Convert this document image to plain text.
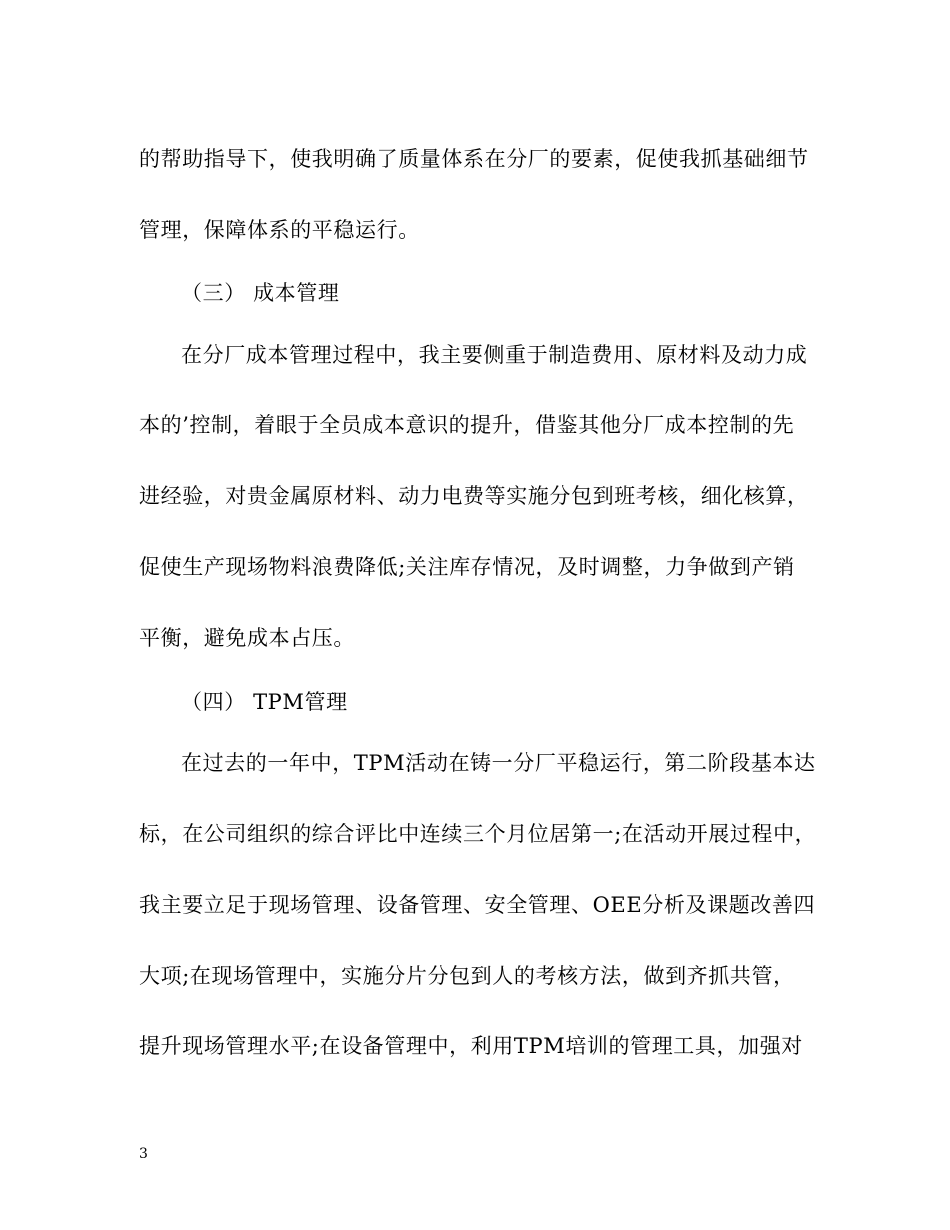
的帮助指导下，使我明确了质量体系在分厂的要素，促使我抓基础细节
管理，保障体系的平稳运行。
（三） 成本管理
在分厂成本管理过程中，我主要侧重于制造费用、原材料及动力成
本的’控制，着眼于全员成本意识的提升，借鉴其他分厂成本控制的先
进经验，对贵金属原材料、动力电费等实施分包到班考核，细化核算，
促使生产现场物料浪费降低;关注库存情况，及时调整，力争做到产销
平衡，避免成本占压。
（四） TPM管理
在过去的一年中，TPM活动在铸一分厂平稳运行，第二阶段基本达
标，在公司组织的综合评比中连续三个月位居第一;在活动开展过程中，
我主要立足于现场管理、设备管理、安全管理、OEE分析及课题改善四
大项;在现场管理中，实施分片分包到人的考核方法，做到齐抓共管，
提升现场管理水平;在设备管理中，利用TPM培训的管理工具，加强对
3
